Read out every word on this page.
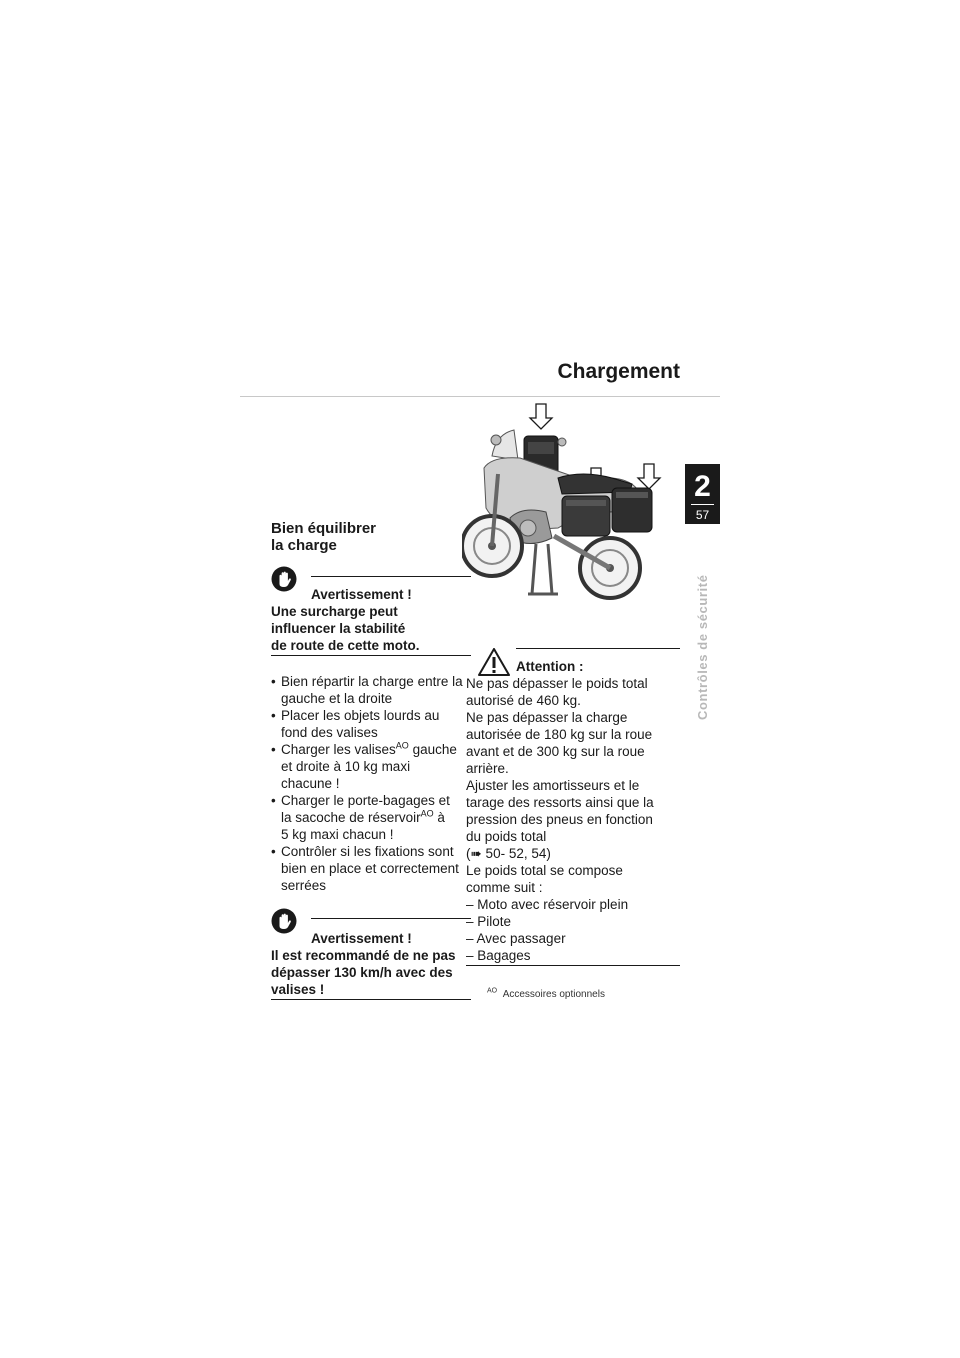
Chargement
2
57
Contrôles de sécurité
Bien équilibrer
la charge
Avertissement !
Une surcharge peut
influencer la stabilité
de route de cette moto.
• Bien répartir la charge entre la
gauche et la droite
• Placer les objets lourds au
fond des valises
• Charger les valises$^{AO}$ gauche
et droite à 10 kg maxi
chacune !
• Charger le porte-bagages et
la sacoche de réservoir$^{AO}$ à
5 kg maxi chacun !
• Contrôler si les fixations sont
bien en place et correctement
serrées
Avertissement !
Il est recommandé de ne pas
dépasser 130 km/h avec des
valises !
Attention :
Ne pas dépasser le poids total
autorisé de 460 kg.
Ne pas dépasser la charge
autorisée de 180 kg sur la roue
avant et de 300 kg sur la roue
arrière.
Ajuster les amortisseurs et le
tarage des ressorts ainsi que la
pression des pneus en fonction
du poids total
(➠ 50- 52, 54)
Le poids total se compose
comme suit :
– Moto avec réservoir plein
– Pilote
– Avec passager
– Bagages
$^{AO}$ Accessoires optionnels
